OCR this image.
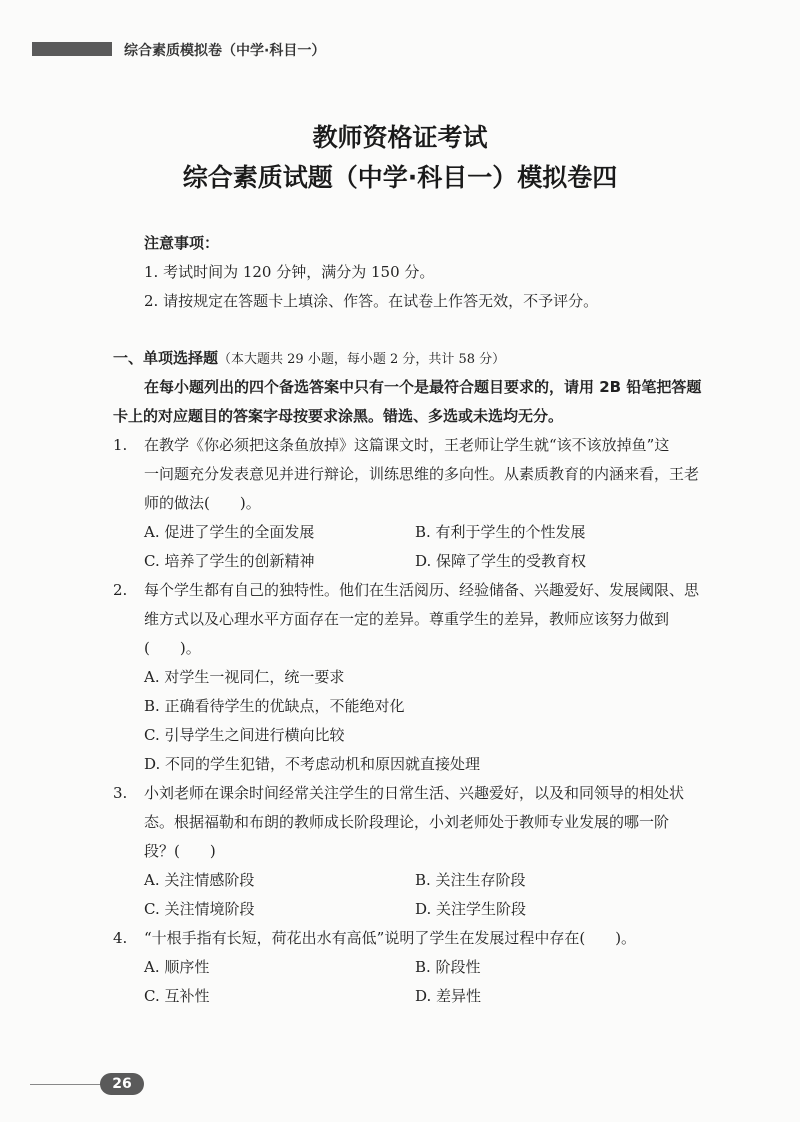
综合素质模拟卷（中学·科目一）
教师资格证考试
综合素质试题（中学·科目一）模拟卷四
注意事项：
1. 考试时间为 120 分钟，满分为 150 分。
2. 请按规定在答题卡上填涂、作答。在试卷上作答无效，不予评分。
一、单项选择题（本大题共 29 小题，每小题 2 分，共计 58 分）
在每小题列出的四个备选答案中只有一个是最符合题目要求的，请用 2B 铅笔把答题
卡上的对应题目的答案字母按要求涂黑。错选、多选或未选均无分。
1. 在教学《你必须把这条鱼放掉》这篇课文时，王老师让学生就“该不该放掉鱼”这
一问题充分发表意见并进行辩论，训练思维的多向性。从素质教育的内涵来看，王老
师的做法(　　)。
A. 促进了学生的全面发展	B. 有利于学生的个性发展
C. 培养了学生的创新精神	D. 保障了学生的受教育权
2. 每个学生都有自己的独特性。他们在生活阅历、经验储备、兴趣爱好、发展阈限、思
维方式以及心理水平方面存在一定的差异。尊重学生的差异，教师应该努力做到
(　　)。
A. 对学生一视同仁，统一要求
B. 正确看待学生的优缺点，不能绝对化
C. 引导学生之间进行横向比较
D. 不同的学生犯错，不考虑动机和原因就直接处理
3. 小刘老师在课余时间经常关注学生的日常生活、兴趣爱好，以及和同领导的相处状
态。根据福勒和布朗的教师成长阶段理论，小刘老师处于教师专业发展的哪一阶
段？(　　)
A. 关注情感阶段	B. 关注生存阶段
C. 关注情境阶段	D. 关注学生阶段
4. “十根手指有长短，荷花出水有高低”说明了学生在发展过程中存在(　　)。
A. 顺序性	B. 阶段性
C. 互补性	D. 差异性
26
